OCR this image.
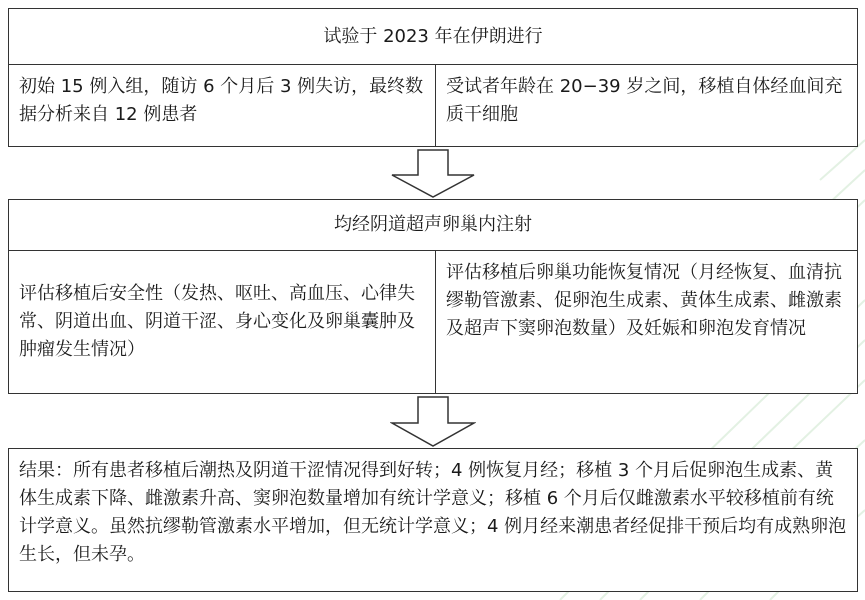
试验于 2023 年在伊朗进行
初始 15 例入组，随访 6 个月后 3 例失访，最终数据分析来自 12 例患者
受试者年龄在 20−39 岁之间，移植自体经血间充质干细胞
均经阴道超声卵巢内注射
评估移植后安全性（发热、呕吐、高血压、心律失常、阴道出血、阴道干涩、身心变化及卵巢囊肿及肿瘤发生情况）
评估移植后卵巢功能恢复情况（月经恢复、血清抗缪勒管激素、促卵泡生成素、黄体生成素、雌激素及超声下窦卵泡数量）及妊娠和卵泡发育情况
结果：所有患者移植后潮热及阴道干涩情况得到好转；4 例恢复月经；移植 3 个月后促卵泡生成素、黄体生成素下降、雌激素升高、窦卵泡数量增加有统计学意义；移植 6 个月后仅雌激素水平较移植前有统计学意义。虽然抗缪勒管激素水平增加，但无统计学意义；4 例月经来潮患者经促排干预后均有成熟卵泡生长，但未孕。
